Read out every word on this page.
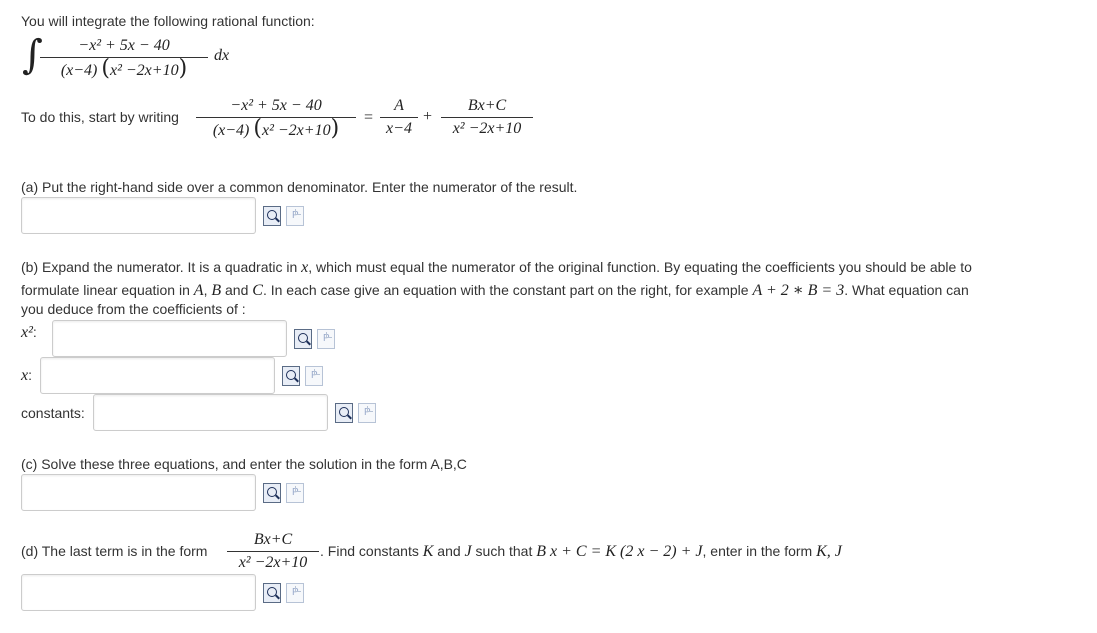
You will integrate the following rational function:
∫	−x² + 5x − 40
(x−4) (x² −2x+10)
dx
To do this, start by writing
−x² + 5x − 40
(x−4) (x² −2x+10)	=
A
x−4
+
Bx+C
x² −2x+10
(a) Put the right-hand side over a common denominator. Enter the numerator of the result.
P
(b) Expand the numerator. It is a quadratic in x, which must equal the numerator of the original function. By equating the coefficients you should be able to
formulate linear equation in A, B and C. In each case give an equation with the constant part on the right, for example A + 2 ∗ B = 3. What equation can
you deduce from the coefficients of :
x²:	P
x:	P
constants:	P
(c) Solve these three equations, and enter the solution in the form A,B,C
P
(d) The last term is in the form
Bx+C
x² −2x+10
. Find constants K and J such that B x + C = K (2 x − 2) + J, enter in the form K, J
P
